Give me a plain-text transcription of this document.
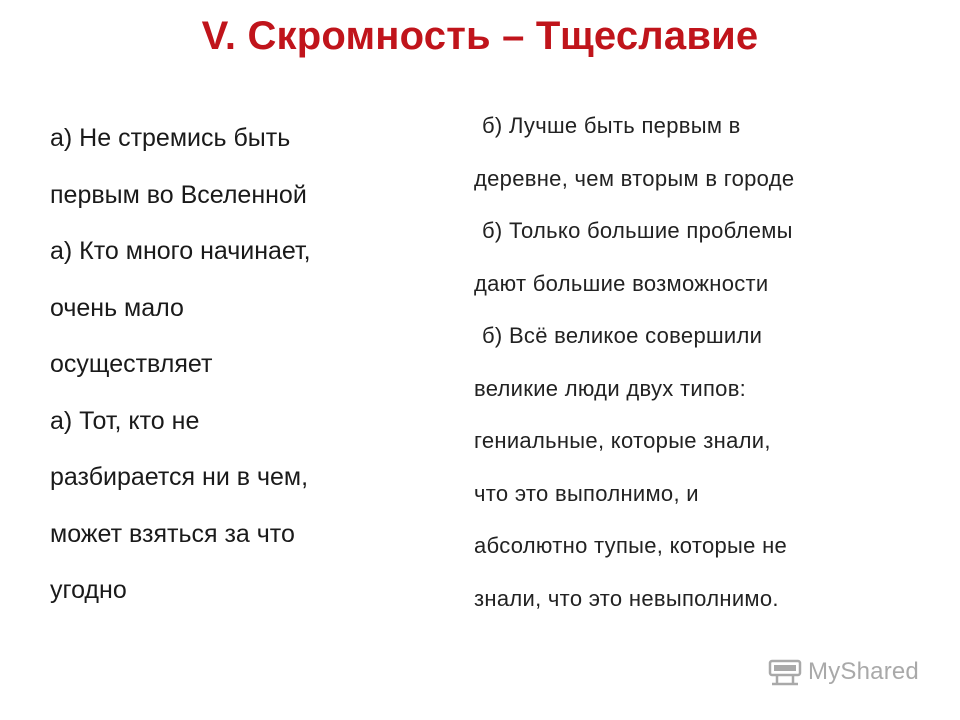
V. Скромность – Тщеславие
а) Не стремись быть
первым во Вселенной
а) Кто много начинает,
очень мало
осуществляет
а) Тот, кто не
разбирается ни в чем,
может взяться за что
угодно
б) Лучше быть первым в
деревне, чем вторым в городе
б) Только большие проблемы
дают большие возможности
б) Всё великое совершили
великие люди двух типов:
гениальные, которые знали,
что это выполнимо, и
абсолютно тупые, которые не
знали, что это невыполнимо.
MyShared
